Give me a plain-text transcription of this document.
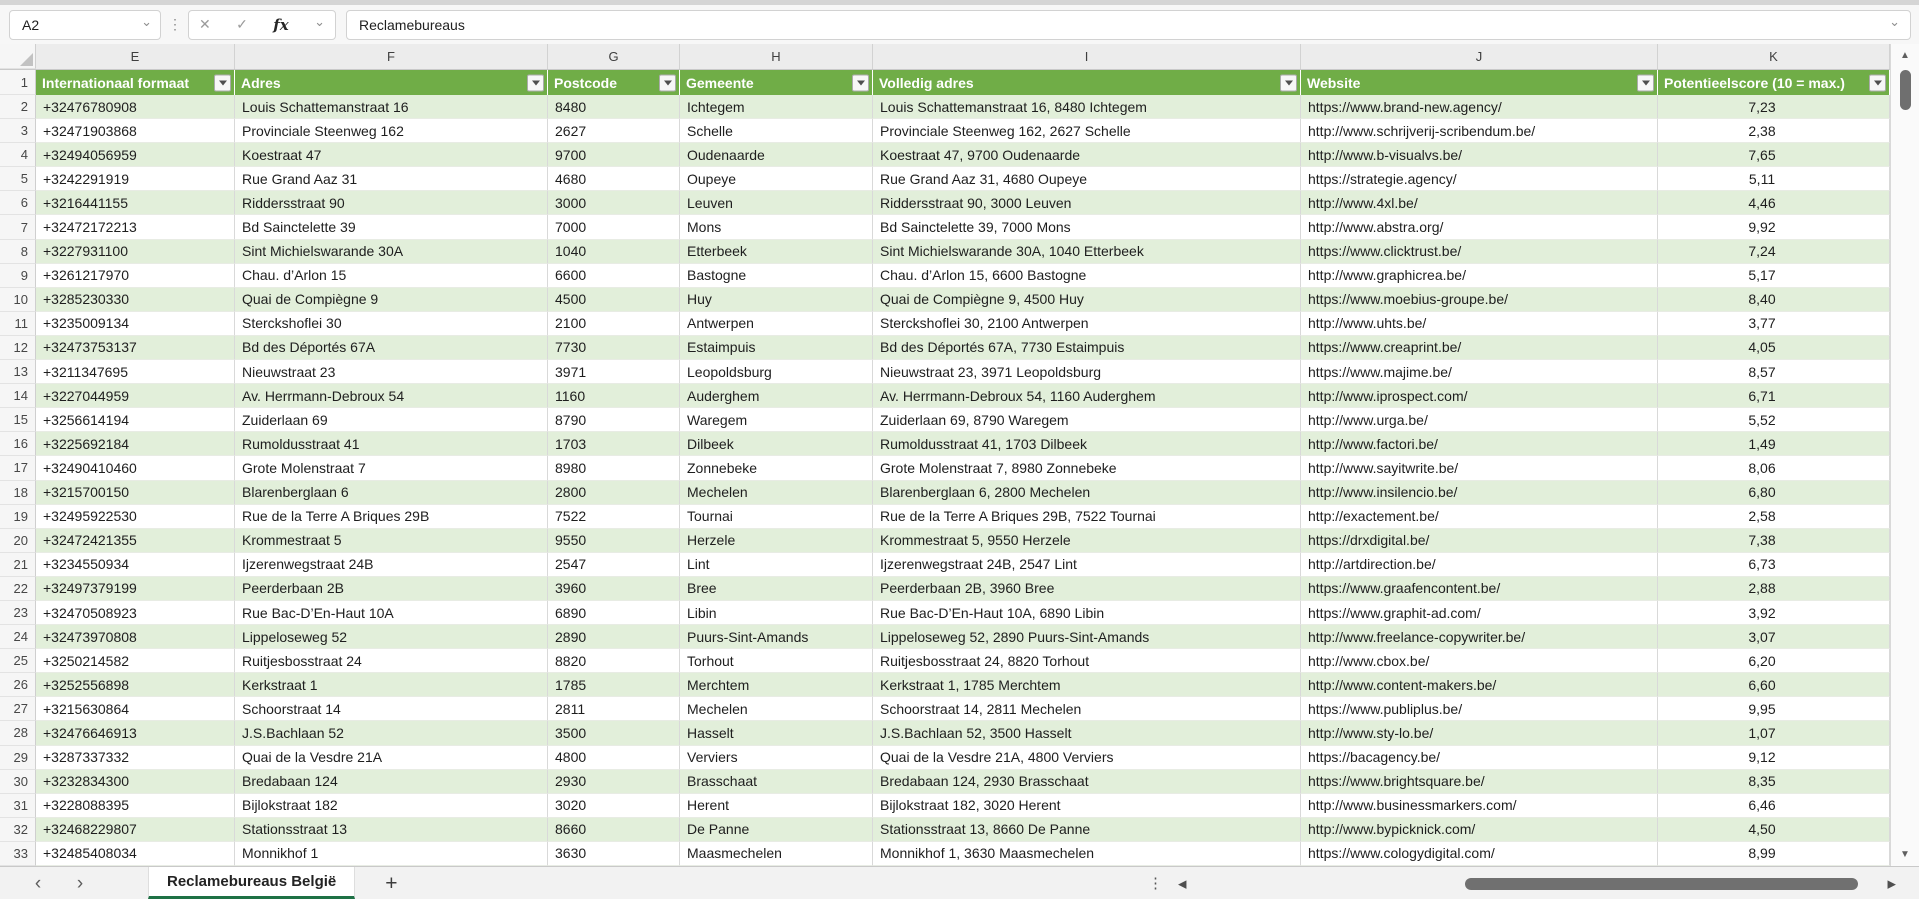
A2	⌄ ⋮ ✕ ✓ fx ⌄ Reclamebureaus	⌄
E	F	G	H	I	J	K
1	Internationaal formaat	Adres	Postcode	Gemeente	Volledig adres	Website	Potentieelscore (10 = max.)
2	+32476780908	Louis Schattemanstraat 16	8480	Ichtegem	Louis Schattemanstraat 16, 8480 Ichtegem	https://www.brand-new.agency/	7,23
3	+32471903868	Provinciale Steenweg 162	2627	Schelle	Provinciale Steenweg 162, 2627 Schelle	http://www.schrijverij-scribendum.be/	2,38
4	+32494056959	Koestraat 47	9700	Oudenaarde	Koestraat 47, 9700 Oudenaarde	http://www.b-visualvs.be/	7,65
5	+3242291919	Rue Grand Aaz 31	4680	Oupeye	Rue Grand Aaz 31, 4680 Oupeye	https://strategie.agency/	5,11
6	+3216441155	Riddersstraat 90	3000	Leuven	Riddersstraat 90, 3000 Leuven	http://www.4xl.be/	4,46
7	+32472172213	Bd Sainctelette 39	7000	Mons	Bd Sainctelette 39, 7000 Mons	http://www.abstra.org/	9,92
8	+3227931100	Sint Michielswarande 30A	1040	Etterbeek	Sint Michielswarande 30A, 1040 Etterbeek	https://www.clicktrust.be/	7,24
9	+3261217970	Chau. d’Arlon 15	6600	Bastogne	Chau. d’Arlon 15, 6600 Bastogne	http://www.graphicrea.be/	5,17
10	+3285230330	Quai de Compiègne 9	4500	Huy	Quai de Compiègne 9, 4500 Huy	https://www.moebius-groupe.be/	8,40
11	+3235009134	Sterckshoflei 30	2100	Antwerpen	Sterckshoflei 30, 2100 Antwerpen	http://www.uhts.be/	3,77
12	+32473753137	Bd des Déportés 67A	7730	Estaimpuis	Bd des Déportés 67A, 7730 Estaimpuis	https://www.creaprint.be/	4,05
13	+3211347695	Nieuwstraat 23	3971	Leopoldsburg	Nieuwstraat 23, 3971 Leopoldsburg	https://www.majime.be/	8,57
14	+3227044959	Av. Herrmann-Debroux 54	1160	Auderghem	Av. Herrmann-Debroux 54, 1160 Auderghem	http://www.iprospect.com/	6,71
15	+3256614194	Zuiderlaan 69	8790	Waregem	Zuiderlaan 69, 8790 Waregem	http://www.urga.be/	5,52
16	+3225692184	Rumoldusstraat 41	1703	Dilbeek	Rumoldusstraat 41, 1703 Dilbeek	http://www.factori.be/	1,49
17	+32490410460	Grote Molenstraat 7	8980	Zonnebeke	Grote Molenstraat 7, 8980 Zonnebeke	http://www.sayitwrite.be/	8,06
18	+3215700150	Blarenberglaan 6	2800	Mechelen	Blarenberglaan 6, 2800 Mechelen	http://www.insilencio.be/	6,80
19	+32495922530	Rue de la Terre A Briques 29B	7522	Tournai	Rue de la Terre A Briques 29B, 7522 Tournai	http://exactement.be/	2,58
20	+32472421355	Krommestraat 5	9550	Herzele	Krommestraat 5, 9550 Herzele	https://drxdigital.be/	7,38
21	+3234550934	Ijzerenwegstraat 24B	2547	Lint	Ijzerenwegstraat 24B, 2547 Lint	http://artdirection.be/	6,73
22	+32497379199	Peerderbaan 2B	3960	Bree	Peerderbaan 2B, 3960 Bree	https://www.graafencontent.be/	2,88
23	+32470508923	Rue Bac-D’En-Haut 10A	6890	Libin	Rue Bac-D’En-Haut 10A, 6890 Libin	https://www.graphit-ad.com/	3,92
24	+32473970808	Lippeloseweg 52	2890	Puurs-Sint-Amands	Lippeloseweg 52, 2890 Puurs-Sint-Amands	http://www.freelance-copywriter.be/	3,07
25	+3250214582	Ruitjesbosstraat 24	8820	Torhout	Ruitjesbosstraat 24, 8820 Torhout	http://www.cbox.be/	6,20
26	+3252556898	Kerkstraat 1	1785	Merchtem	Kerkstraat 1, 1785 Merchtem	http://www.content-makers.be/	6,60
27	+3215630864	Schoorstraat 14	2811	Mechelen	Schoorstraat 14, 2811 Mechelen	https://www.publiplus.be/	9,95
28	+32476646913	J.S.Bachlaan 52	3500	Hasselt	J.S.Bachlaan 52, 3500 Hasselt	http://www.sty-lo.be/	1,07
29	+3287337332	Quai de la Vesdre 21A	4800	Verviers	Quai de la Vesdre 21A, 4800 Verviers	https://bacagency.be/	9,12
30	+3232834300	Bredabaan 124	2930	Brasschaat	Bredabaan 124, 2930 Brasschaat	https://www.brightsquare.be/	8,35
31	+3228088395	Bijlokstraat 182	3020	Herent	Bijlokstraat 182, 3020 Herent	http://www.businessmarkers.com/	6,46
32	+32468229807	Stationsstraat 13	8660	De Panne	Stationsstraat 13, 8660 De Panne	http://www.bypicknick.com/	4,50
33	+32485408034	Monnikhof 1	3630	Maasmechelen	Monnikhof 1, 3630 Maasmechelen	https://www.cologydigital.com/	8,99
▲
▼
‹	›	Reclamebureaus België +	⋮ ◀	▶
